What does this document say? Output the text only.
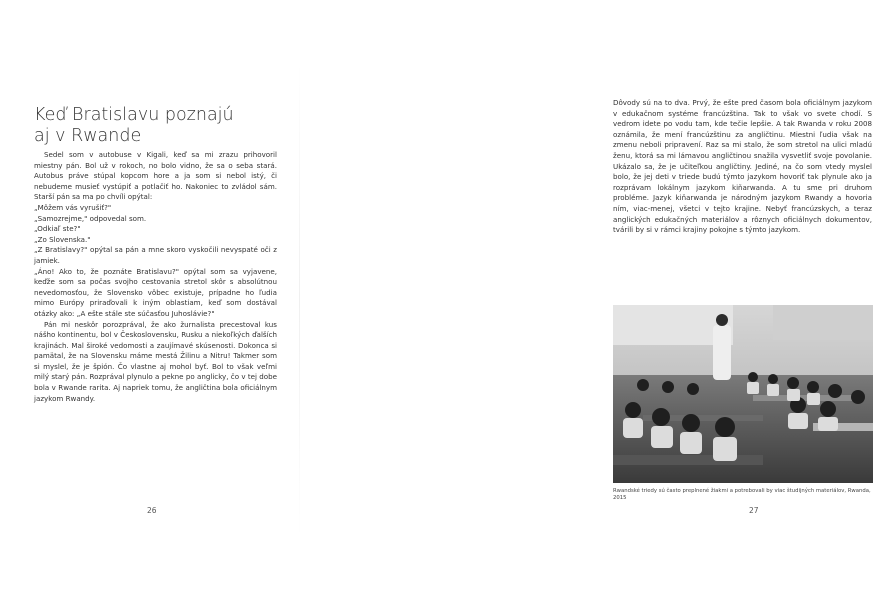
Keď Bratislavu poznajú
aj v Rwande

Sedel som v autobuse v Kigali, keď sa mi zrazu prihovoril miestny pán. Bol už v rokoch, no bolo vidno, že sa o seba stará. Autobus práve stúpal kopcom hore a ja som si nebol istý, či nebudeme musieť vystúpiť a potlačiť ho. Nakoniec to zvládol sám. Starší pán sa ma po chvíli opýtal:

„Môžem vás vyrušiť?"

„Samozrejme," odpovedal som.

„Odkiaľ ste?"

„Zo Slovenska."

„Z Bratislavy?" opýtal sa pán a mne skoro vyskočili nevyspaté oči z jamiek.

„Áno! Ako to, že poznáte Bratislavu?" opýtal som sa vyjavene, keďže som sa počas svojho cestovania stretol skôr s absolútnou nevedomosťou, že Slovensko vôbec existuje, prípadne ho ľudia mimo Európy priraďovali k iným oblastiam, keď som dostával otázky ako: „A ešte stále ste súčasťou Juhoslávie?"

Pán mi neskôr porozprával, že ako žurnalista precestoval kus nášho kontinentu, bol v Československu, Rusku a niekoľkých ďalších krajinách. Mal široké vedomosti a zaujímavé skúsenosti. Dokonca si pamätal, že na Slovensku máme mestá Žilinu a Nitru! Takmer som si myslel, že je špión. Čo vlastne aj mohol byť. Bol to však veľmi milý starý pán. Rozprával plynulo a pekne po anglicky, čo v tej dobe bola v Rwande rarita. Aj napriek tomu, že angličtina bola oficiálnym jazykom Rwandy.

26

Dôvody sú na to dva. Prvý, že ešte pred časom bola oficiálnym jazykom v edukačnom systéme francúzština. Tak to však vo svete chodí. S vedrom idete po vodu tam, kde tečie lepšie. A tak Rwanda v roku 2008 oznámila, že mení francúzštinu za angličtinu. Miestni ľudia však na zmenu neboli pripravení. Raz sa mi stalo, že som stretol na ulici mladú ženu, ktorá sa mi lámavou angličtinou snažila vysvetliť svoje povolanie. Ukázalo sa, že je učiteľkou angličtiny. Jediné, na čo som vtedy myslel bolo, že jej deti v triede budú týmto jazykom hovoriť tak plynule ako ja rozprávam lokálnym jazykom kiňarwanda. A tu sme pri druhom probléme. Jazyk kiňarwanda je národným jazykom Rwandy a hovoria ním, viac-menej, všetci v tejto krajine. Nebyť francúzskych, a teraz anglických edukačných materiálov a rôznych oficiálnych dokumentov, tvárili by si v rámci krajiny pokojne s týmto jazykom.

Rwandské triedy sú často preplnené žiakmi a potrebovali by viac študijných materiálov, Rwanda, 2015
27
